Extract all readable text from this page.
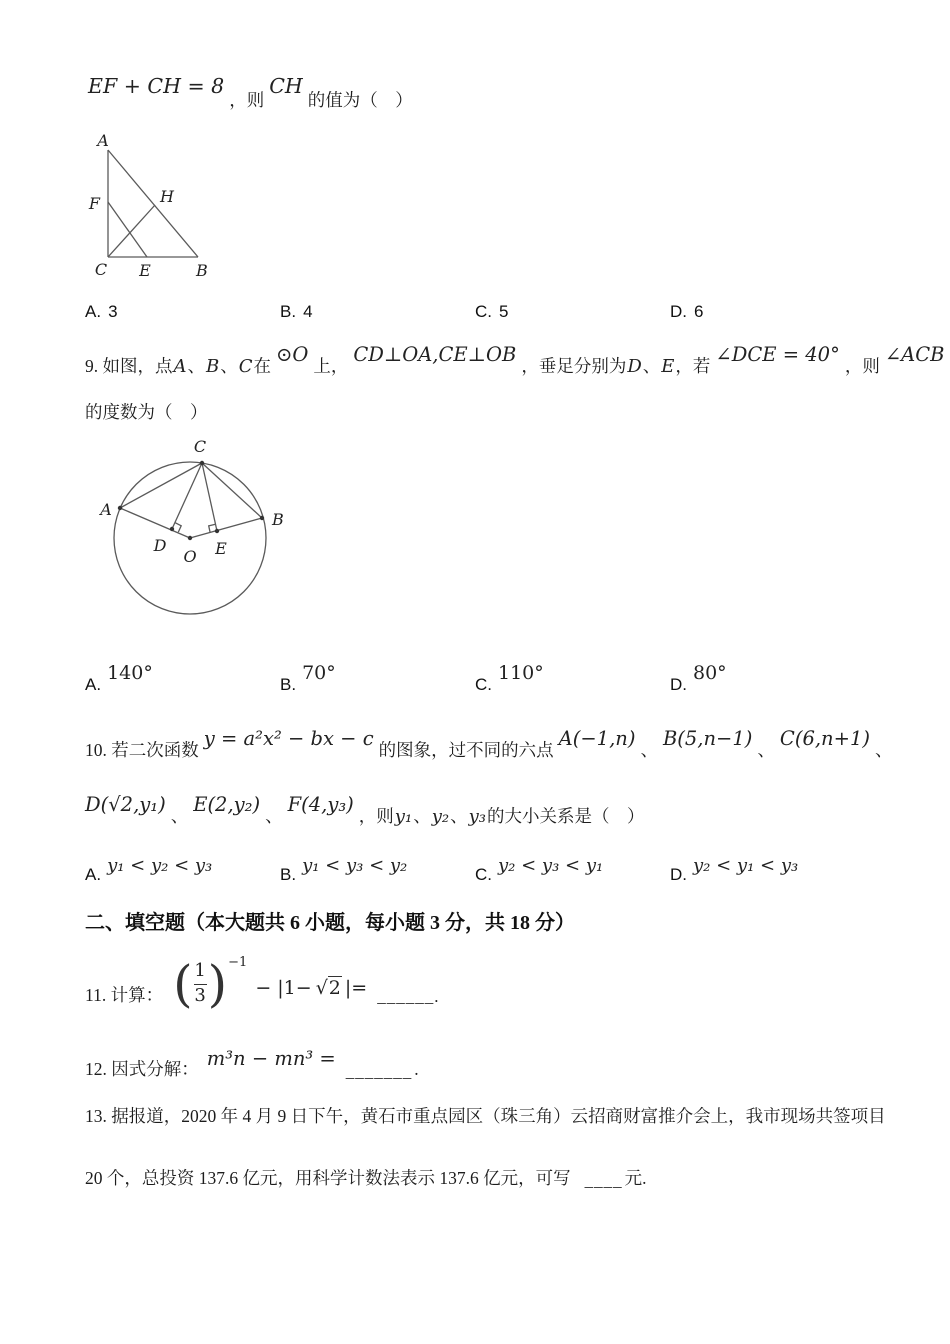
EF + CH = 8，则CH的值为（　）
A
F	H
C E	B
A. 3	B. 4	C. 5	D. 6
9. 如图，点A、B、C在 ⊙O 上， CD⊥OA,CE⊥OB ，垂足分别为D、E，若 ∠DCE = 40° ，则 ∠ACB
的度数为（　）
C
A
B
D
O E
A.140°
B.70°
C.110°
D.80°
10. 若二次函数 y = a²x² − bx − c 的图象，过不同的六点 A(−1,n) 、 B(5,n−1) 、 C(6,n+1) 、
D(√2,y₁) 、 E(2,y₂) 、 F(4,y₃) ，则y₁、y₂、y₃的大小关系是（　）
A. y₁ < y₂ < y₃	B. y₁ < y₃ < y₂	C. y₂ < y₃ < y₁	D. y₂ < y₁ < y₃
二、填空题（本大题共 6 小题，每小题 3 分，共 18 分）
11. 计算： ( 1
3 ) −1
− |1− √2 |= ______ .
12. 因式分解： m³n − mn³ =_______ .
13. 据报道，2020 年 4 月 9 日下午，黄石市重点园区（珠三角）云招商财富推介会上，我市现场共签项目
20 个，总投资 137.6 亿元，用科学计数法表示 137.6 亿元，可写 ____ 元.
